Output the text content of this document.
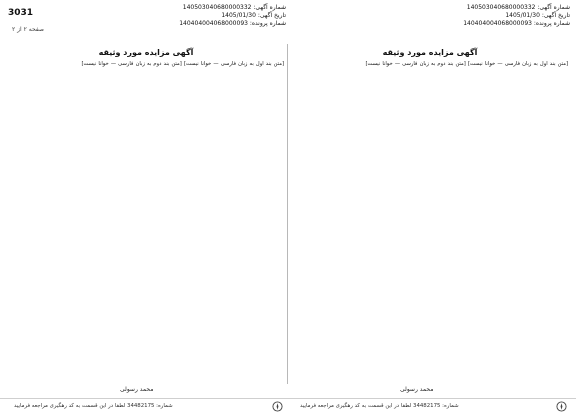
3031
صفحه ۲ از ۲
شماره آگهی: 140503040680000332
تاریخ آگهی: 1405/01/30
شماره پرونده: 140404004068000093
شماره آگهی: 140503040680000332
تاریخ آگهی: 1405/01/30
شماره پرونده: 140404004068000093
آگهی مزایده مورد وثیقه
[متن بند اول به زبان فارسی — خوانا نیست] [متن بند دوم به زبان فارسی — خوانا نیست]
آگهی مزایده مورد وثیقه
[متن بند اول به زبان فارسی — خوانا نیست] [متن بند دوم به زبان فارسی — خوانا نیست]
محمد رسولی	محمد رسولی
شماره: 34482175 لطفا در این قسمت به کد رهگیری مراجعه فرمایید	شماره: 34482175 لطفا در این قسمت به کد رهگیری مراجعه فرمایید
